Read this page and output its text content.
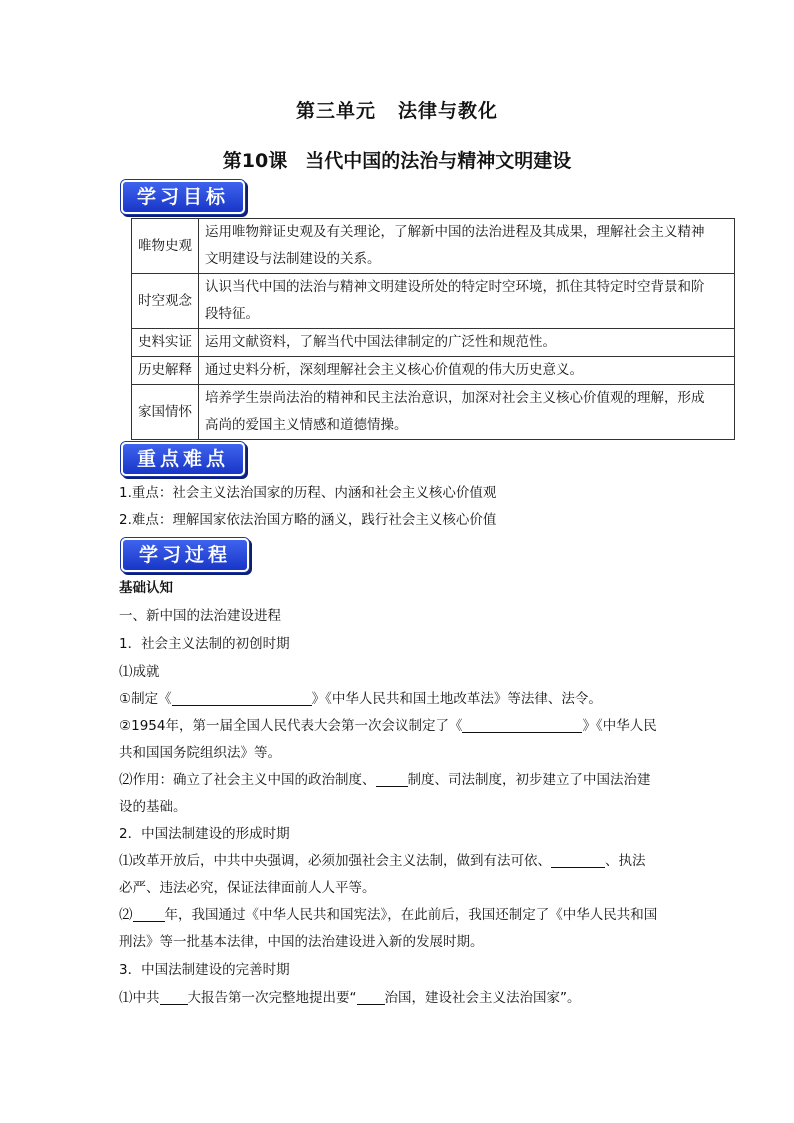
第三单元 法律与教化
第10课 当代中国的法治与精神文明建设
学习目标
唯物史观	运用唯物辩证史观及有关理论，了解新中国的法治进程及其成果，理解社会主义精神
文明建设与法制建设的关系。
时空观念	认识当代中国的法治与精神文明建设所处的特定时空环境，抓住其特定时空背景和阶
段特征。
史料实证	运用文献资料，了解当代中国法律制定的广泛性和规范性。
历史解释	通过史料分析，深刻理解社会主义核心价值观的伟大历史意义。
家国情怀	培养学生崇尚法治的精神和民主法治意识，加深对社会主义核心价值观的理解，形成
高尚的爱国主义情感和道德情操。
重点难点
1.重点：社会主义法治国家的历程、内涵和社会主义核心价值观
2.难点：理解国家依法治国方略的涵义，践行社会主义核心价值
学习过程
基础认知
一、新中国的法治建设进程
1．社会主义法制的初创时期
⑴成就
①制定《	》《中华人民共和国土地改革法》等法律、法令。
②1954年，第一届全国人民代表大会第一次会议制定了《	》《中华人民
共和国国务院组织法》等。
⑵作用：确立了社会主义中国的政治制度、 制度、司法制度，初步建立了中国法治建
设的基础。
2．中国法制建设的形成时期
⑴改革开放后，中共中央强调，必须加强社会主义法制，做到有法可依、	、执法
必严、违法必究，保证法律面前人人平等。
⑵ 年，我国通过《中华人民共和国宪法》，在此前后，我国还制定了《中华人民共和国
刑法》等一批基本法律，中国的法治建设进入新的发展时期。
3．中国法制建设的完善时期
⑴中共 大报告第一次完整地提出要“ 治国，建设社会主义法治国家”。
